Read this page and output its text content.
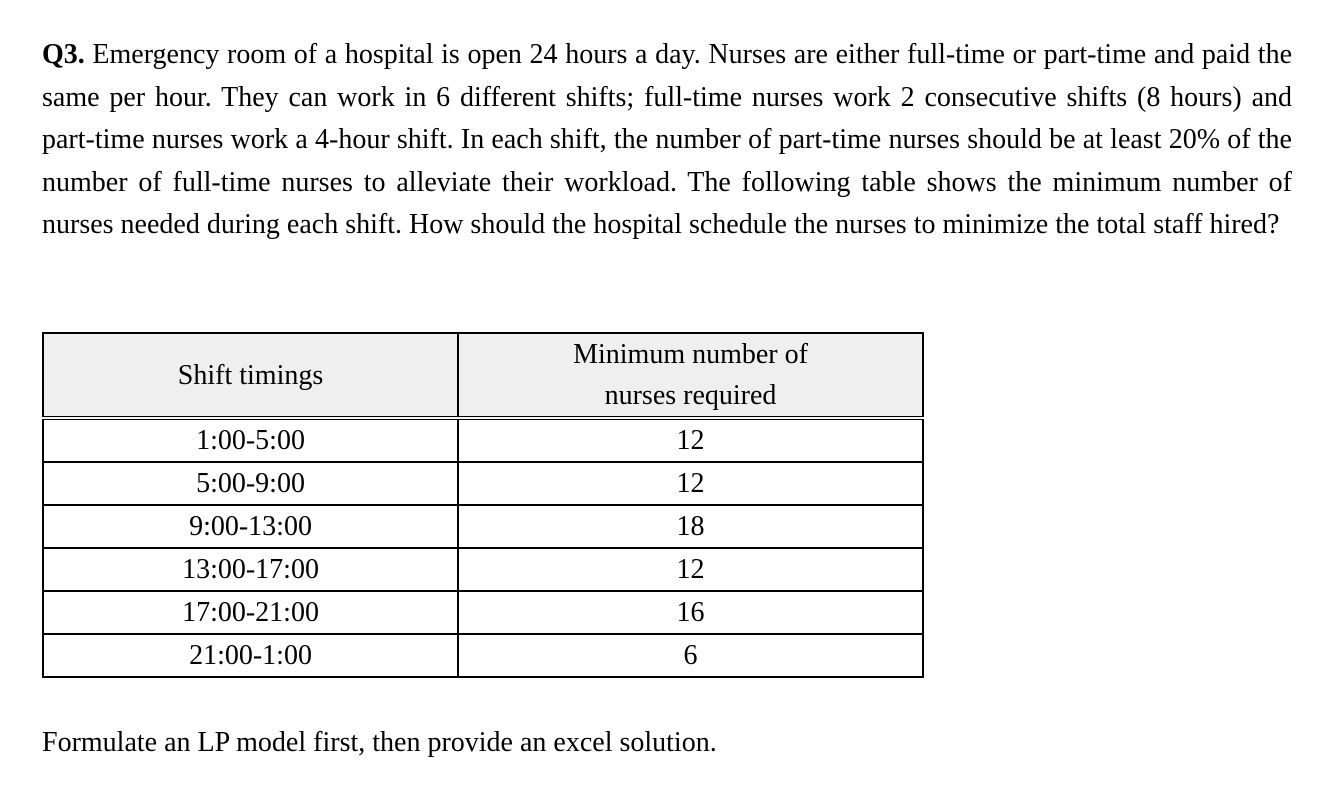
Q3. Emergency room of a hospital is open 24 hours a day. Nurses are either full-time or part-time and paid the same per hour. They can work in 6 different shifts; full-time nurses work 2 consecutive shifts (8 hours) and part-time nurses work a 4-hour shift. In each shift, the number of part-time nurses should be at least 20% of the number of full-time nurses to alleviate their workload. The following table shows the minimum number of nurses needed during each shift. How should the hospital schedule the nurses to minimize the total staff hired?

Shift timings	Minimum number of
nurses required
1:00-5:00	12
5:00-9:00	12
9:00-13:00	18
13:00-17:00	12
17:00-21:00	16
21:00-1:00	6

Formulate an LP model first, then provide an excel solution.
